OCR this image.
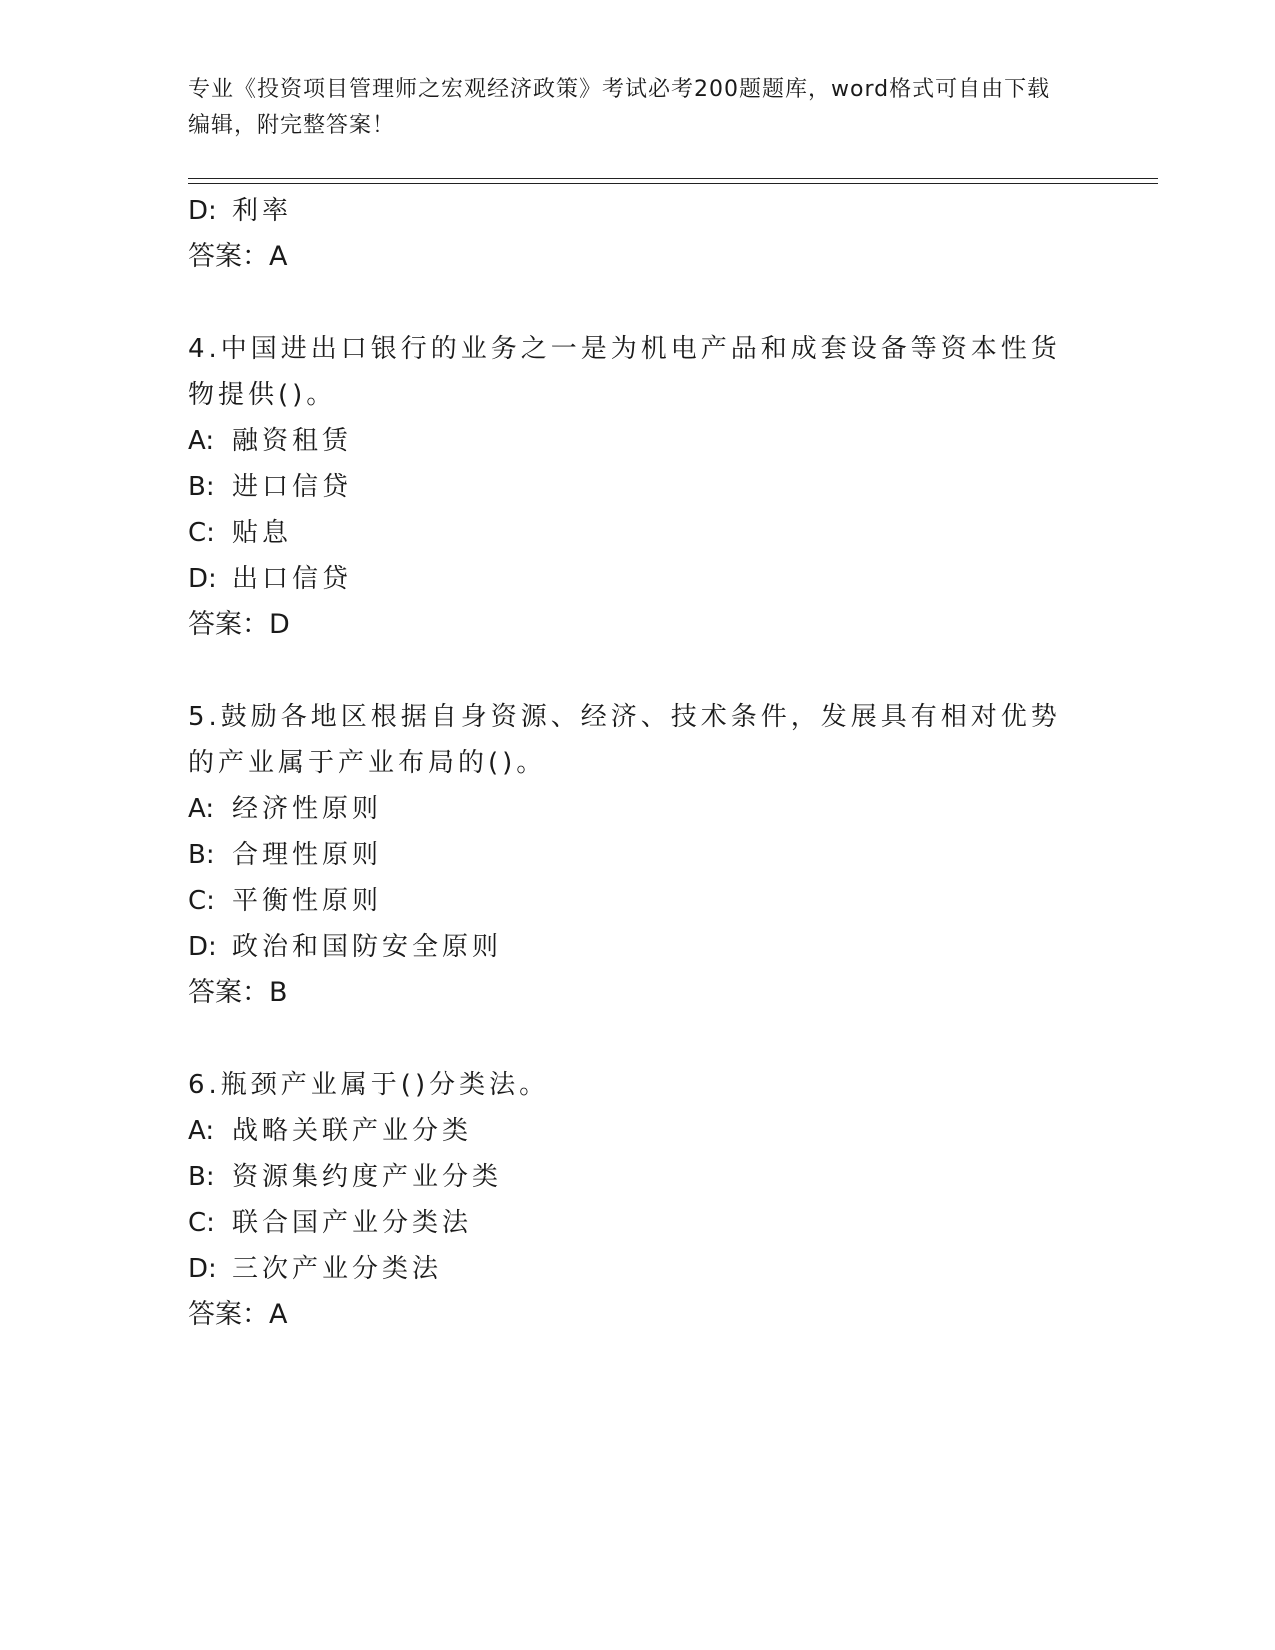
专业《投资项目管理师之宏观经济政策》考试必考200题题库，word格式可自由下载编辑，附完整答案！
D: 利率
答案：A
4.中国进出口银行的业务之一是为机电产品和成套设备等资本性货物提供()。
A: 融资租赁
B: 进口信贷
C: 贴息
D: 出口信贷
答案：D
5.鼓励各地区根据自身资源、经济、技术条件，发展具有相对优势的产业属于产业布局的()。
A: 经济性原则
B: 合理性原则
C: 平衡性原则
D: 政治和国防安全原则
答案：B
6.瓶颈产业属于()分类法。
A: 战略关联产业分类
B: 资源集约度产业分类
C: 联合国产业分类法
D: 三次产业分类法
答案：A
